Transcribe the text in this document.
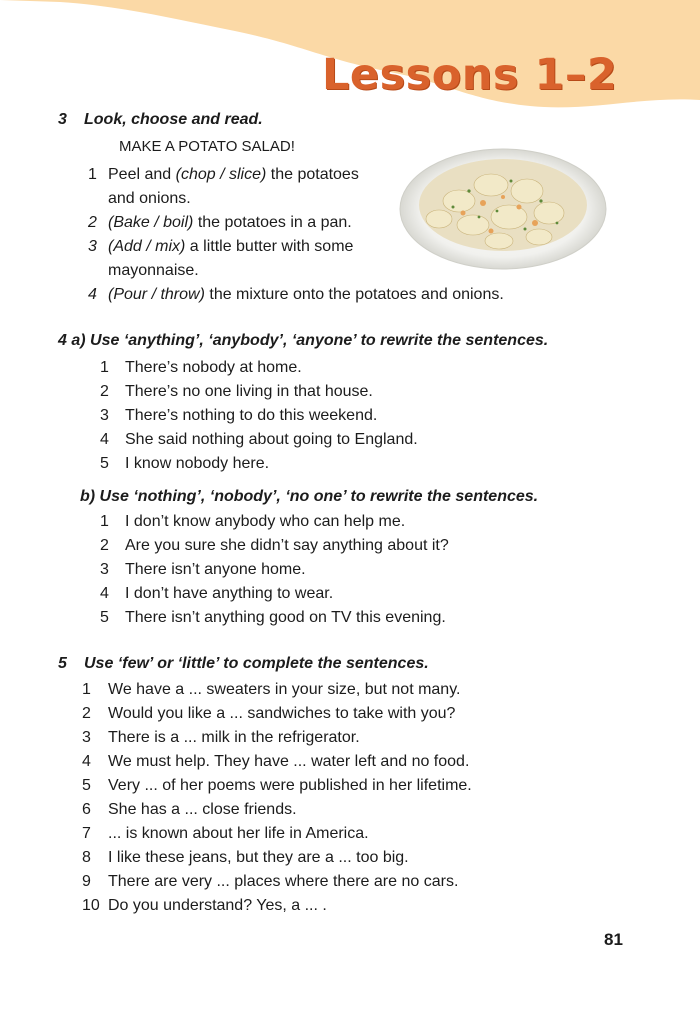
Lessons 1–2
3 Look, choose and read.
MAKE A POTATO SALAD!
1 Peel and (chop / slice) the potatoes
and onions.
2 (Bake / boil) the potatoes in a pan.
3 (Add / mix) a little butter with some
mayonnaise.
4 (Pour / throw) the mixture onto the potatoes and onions.
4 a) Use ‘anything’, ‘anybody’, ‘anyone’ to rewrite the sentences.
1 There’s nobody at home.
2 There’s no one living in that house.
3 There’s nothing to do this weekend.
4 She said nothing about going to England.
5 I know nobody here.
b) Use ‘nothing’, ‘nobody’, ‘no one’ to rewrite the sentences.
1 I don’t know anybody who can help me.
2 Are you sure she didn’t say anything about it?
3 There isn’t anyone home.
4 I don’t have anything to wear.
5 There isn’t anything good on TV this evening.
5 Use ‘few’ or ‘little’ to complete the sentences.
1 We have a ... sweaters in your size, but not many.
2 Would you like a ... sandwiches to take with you?
3 There is a ... milk in the refrigerator.
4 We must help. They have ... water left and no food.
5 Very ... of her poems were published in her lifetime.
6 She has a ... close friends.
7 ... is known about her life in America.
8 I like these jeans, but they are a ... too big.
9 There are very ... places where there are no cars.
10 Do you understand? Yes, a ... .
81
